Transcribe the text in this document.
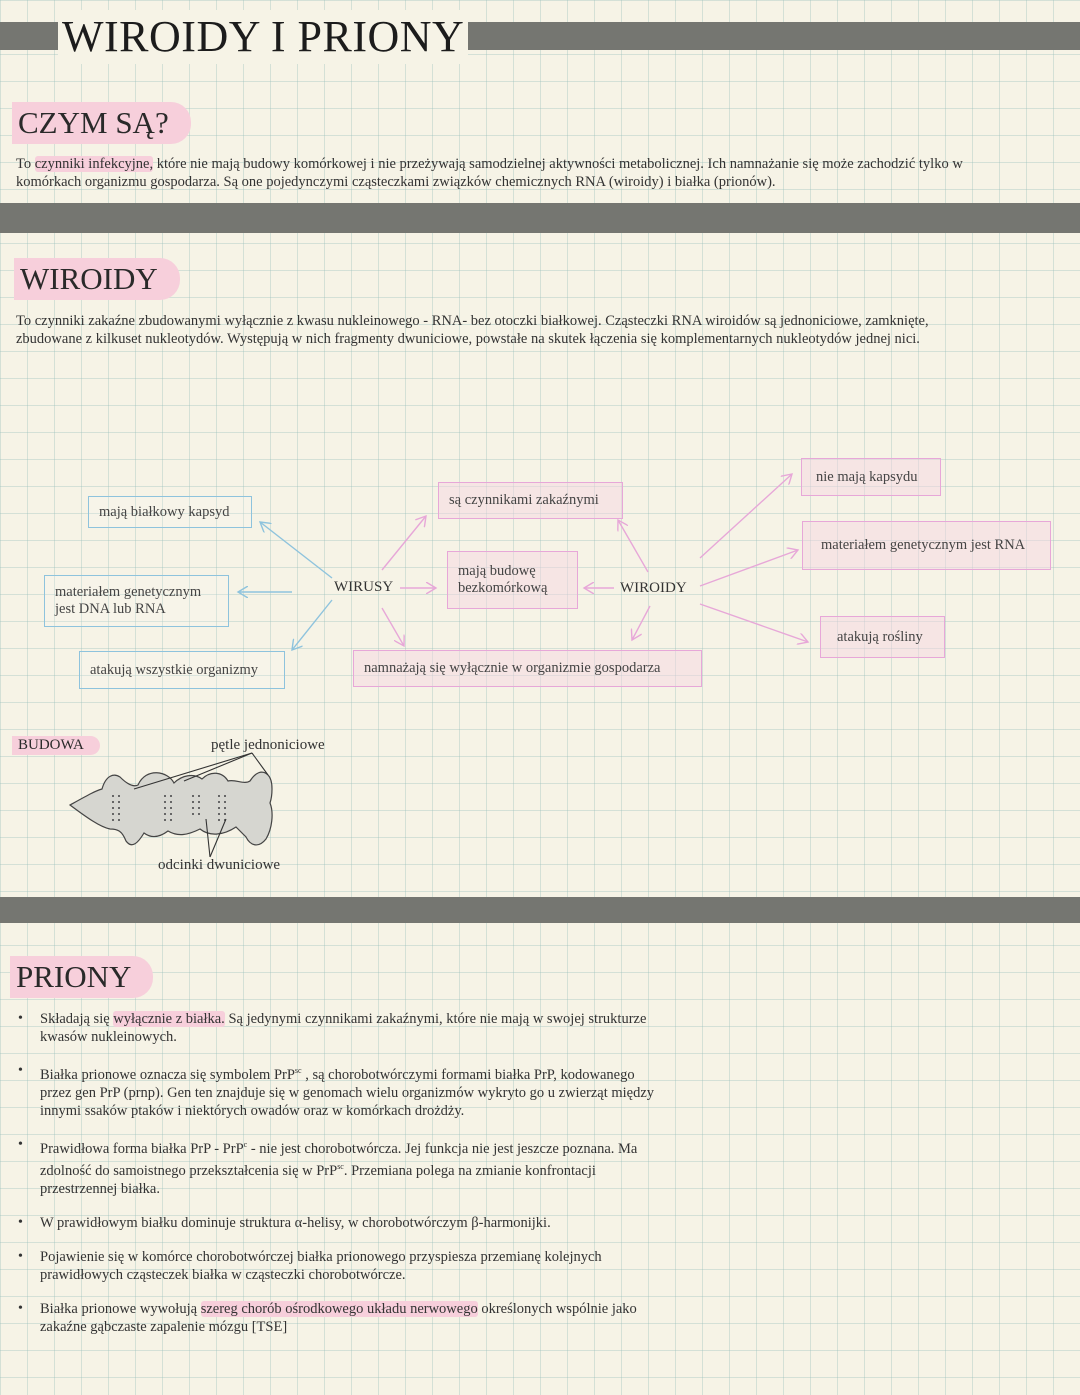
WIROIDY I PRIONY
CZYM SĄ?
To czynniki infekcyjne, które nie mają budowy komórkowej i nie przeżywają samodzielnej aktywności metabolicznej. Ich namnażanie się może zachodzić tylko w komórkach organizmu gospodarza. Są one pojedynczymi cząsteczkami związków chemicznych RNA (wiroidy) i białka (prionów).
WIROIDY
To czynniki zakaźne zbudowanymi wyłącznie z kwasu nukleinowego - RNA- bez otoczki białkowej. Cząsteczki RNA wiroidów są jednoniciowe, zamknięte, zbudowane z kilkuset nukleotydów. Występują w nich fragmenty dwuniciowe, powstałe na skutek łączenia się komplementarnych nukleotydów jednej nici.
WIRUSY	WIROIDY
mają białkowy kapsyd
materiałem genetycznym jest DNA lub RNA
atakują wszystkie organizmy
są czynnikami zakaźnymi
mają budowę bezkomórkową
namnażają się wyłącznie w organizmie gospodarza
nie mają kapsydu
materiałem genetycznym jest RNA
atakują rośliny
BUDOWA	pętle jednoniciowe
odcinki dwuniciowe
PRIONY
• Składają się wyłącznie z białka. Są jedynymi czynnikami zakaźnymi, które nie mają w swojej strukturze kwasów nukleinowych.
• Białka prionowe oznacza się symbolem PrP$^{sc}$ , są chorobotwórczymi formami białka PrP, kodowanego przez gen PrP (prnp). Gen ten znajduje się w genomach wielu organizmów wykryto go u zwierząt między innymi ssaków ptaków i niektórych owadów oraz w komórkach drożdży.
• Prawidłowa forma białka PrP - PrP$^c$ - nie jest chorobotwórcza. Jej funkcja nie jest jeszcze poznana. Ma zdolność do samoistnego przekształcenia się w PrP$^{sc}$. Przemiana polega na zmianie konfrontacji przestrzennej białka.
• W prawidłowym białku dominuje struktura α-helisy, w chorobotwórczym β-harmonijki.
• Pojawienie się w komórce chorobotwórczej białka prionowego przyspiesza przemianę kolejnych prawidłowych cząsteczek białka w cząsteczki chorobotwórcze.
• Białka prionowe wywołują szereg chorób ośrodkowego układu nerwowego określonych wspólnie jako zakaźne gąbczaste zapalenie mózgu [TSE]
